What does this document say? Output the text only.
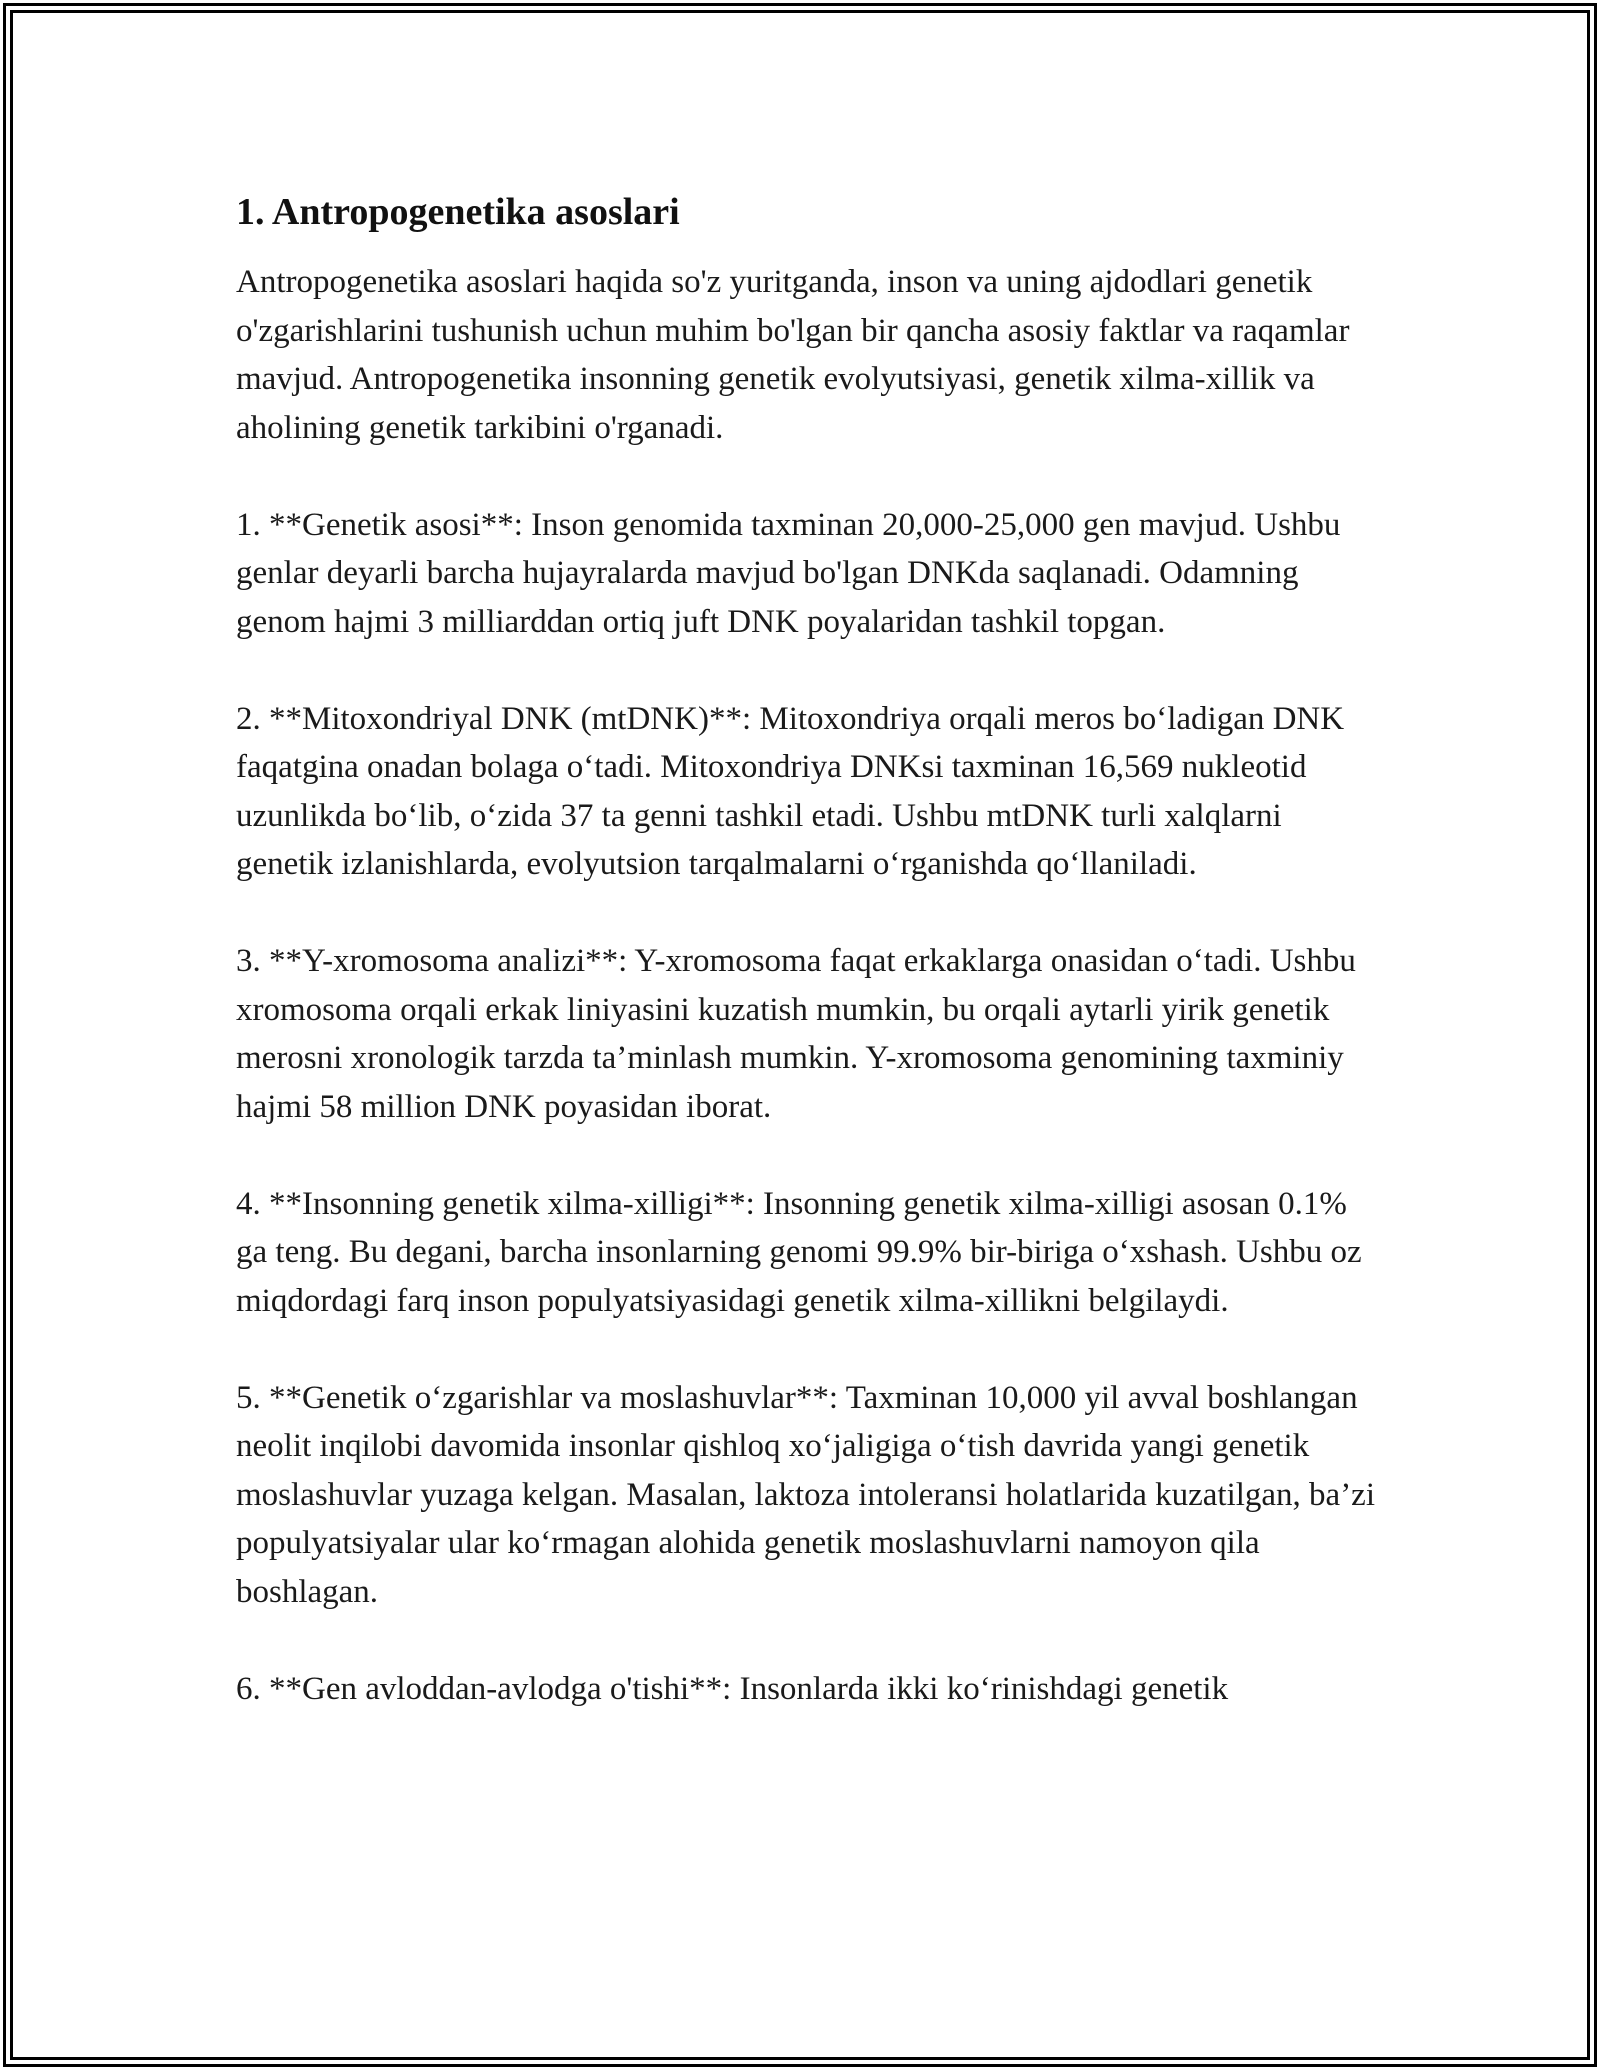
1. Antropogenetika asoslari

Antropogenetika asoslari haqida so'z yuritganda, inson va uning ajdodlari genetik o'zgarishlarini tushunish uchun muhim bo'lgan bir qancha asosiy faktlar va raqamlar mavjud. Antropogenetika insonning genetik evolyutsiyasi, genetik xilma-xillik va aholining genetik tarkibini o'rganadi.

1. **Genetik asosi**: Inson genomida taxminan 20,000-25,000 gen mavjud. Ushbu genlar deyarli barcha hujayralarda mavjud bo'lgan DNKda saqlanadi. Odamning genom hajmi 3 milliarddan ortiq juft DNK poyalaridan tashkil topgan.

2. **Mitoxondriyal DNK (mtDNK)**: Mitoxondriya orqali meros bo‘ladigan DNK faqatgina onadan bolaga o‘tadi. Mitoxondriya DNKsi taxminan 16,569 nukleotid uzunlikda bo‘lib, o‘zida 37 ta genni tashkil etadi. Ushbu mtDNK turli xalqlarni genetik izlanishlarda, evolyutsion tarqalmalarni o‘rganishda qo‘llaniladi.

3. **Y-xromosoma analizi**: Y-xromosoma faqat erkaklarga onasidan o‘tadi. Ushbu xromosoma orqali erkak liniyasini kuzatish mumkin, bu orqali aytarli yirik genetik merosni xronologik tarzda ta’minlash mumkin. Y-xromosoma genomining taxminiy hajmi 58 million DNK poyasidan iborat.

4. **Insonning genetik xilma-xilligi**: Insonning genetik xilma-xilligi asosan 0.1% ga teng. Bu degani, barcha insonlarning genomi 99.9% bir-biriga o‘xshash. Ushbu oz miqdordagi farq inson populyatsiyasidagi genetik xilma-xillikni belgilaydi.

5. **Genetik o‘zgarishlar va moslashuvlar**: Taxminan 10,000 yil avval boshlangan neolit inqilobi davomida insonlar qishloq xo‘jaligiga o‘tish davrida yangi genetik moslashuvlar yuzaga kelgan. Masalan, laktoza intoleransi holatlarida kuzatilgan, ba’zi populyatsiyalar ular ko‘rmagan alohida genetik moslashuvlarni namoyon qila boshlagan.

6. **Gen avloddan-avlodga o'tishi**: Insonlarda ikki ko‘rinishdagi genetik
